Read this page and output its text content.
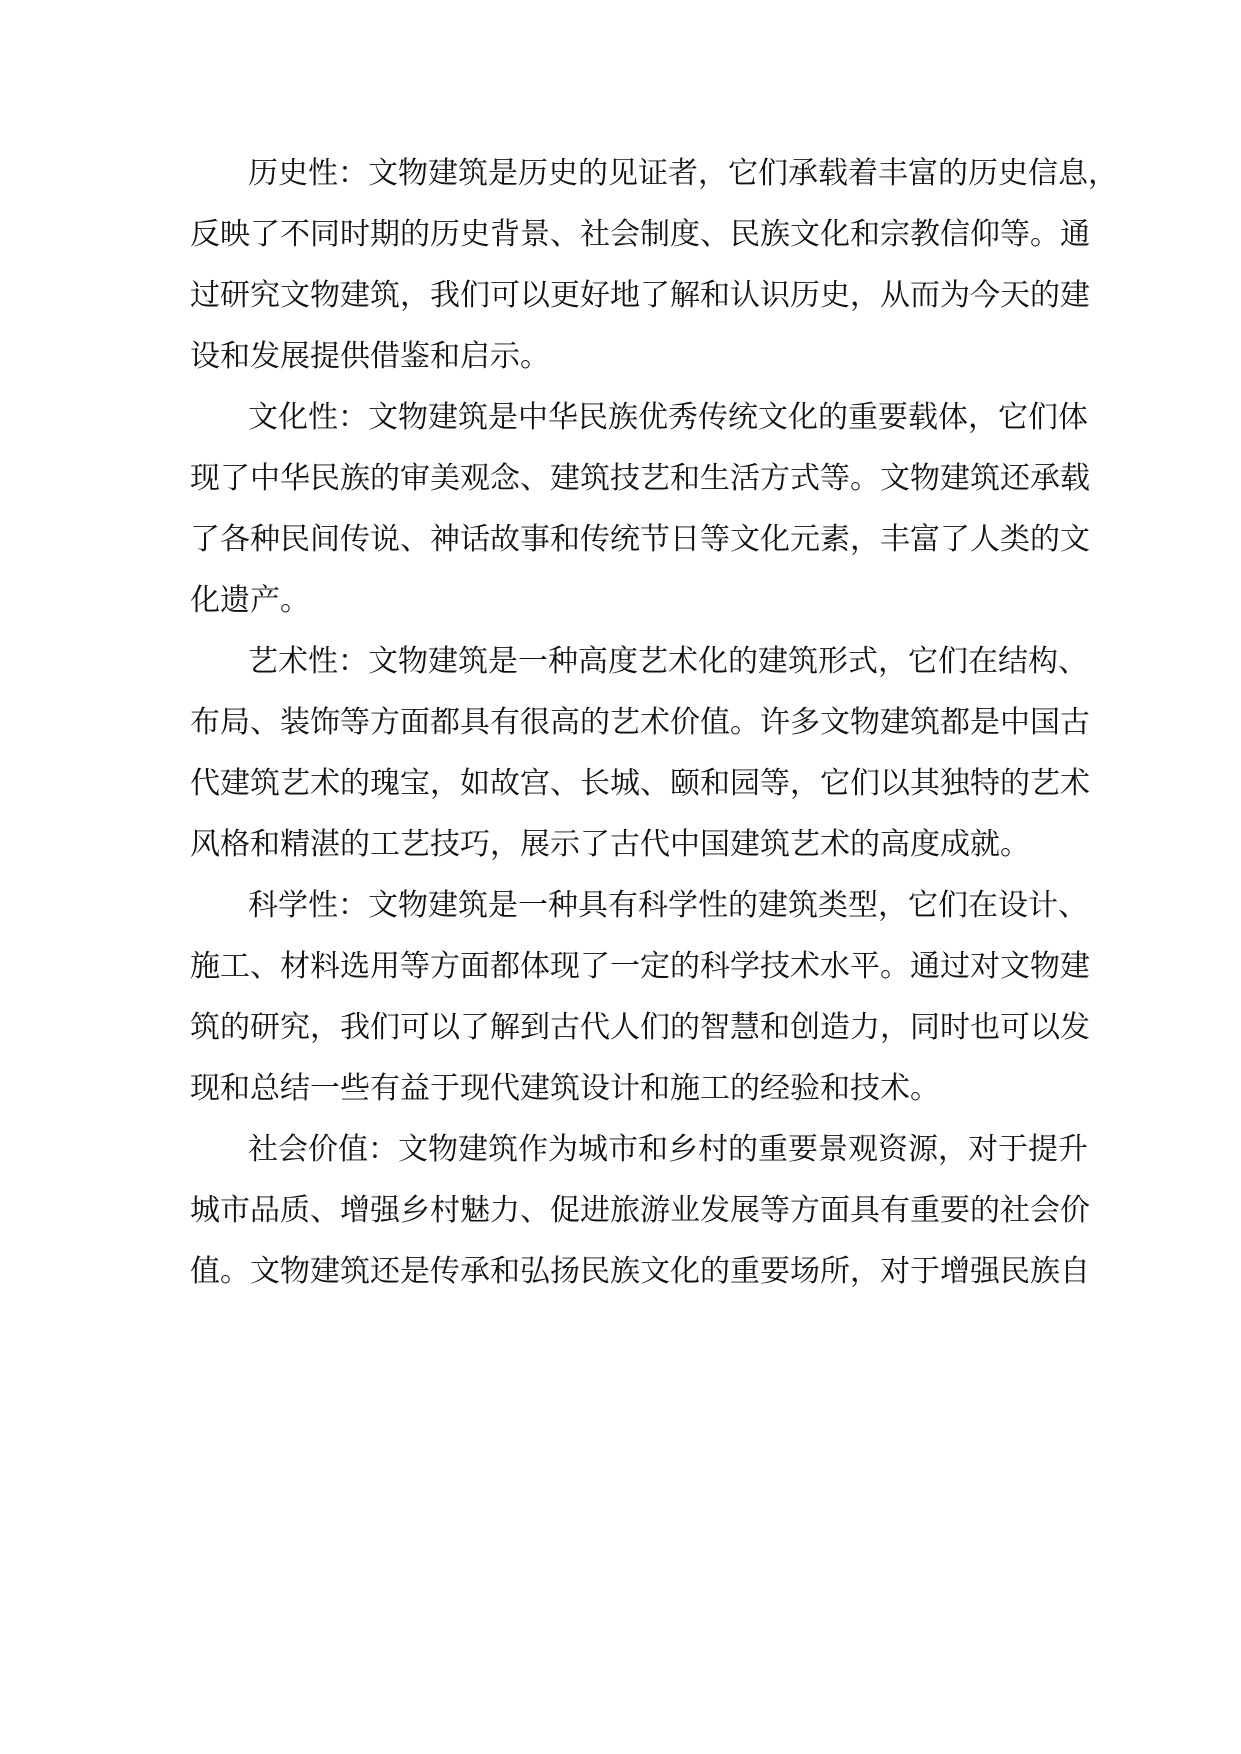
历史性：文物建筑是历史的见证者，它们承载着丰富的历史信息，
反映了不同时期的历史背景、社会制度、民族文化和宗教信仰等。通
过研究文物建筑，我们可以更好地了解和认识历史，从而为今天的建
设和发展提供借鉴和启示。

文化性：文物建筑是中华民族优秀传统文化的重要载体，它们体
现了中华民族的审美观念、建筑技艺和生活方式等。文物建筑还承载
了各种民间传说、神话故事和传统节日等文化元素，丰富了人类的文
化遗产。

艺术性：文物建筑是一种高度艺术化的建筑形式，它们在结构、
布局、装饰等方面都具有很高的艺术价值。许多文物建筑都是中国古
代建筑艺术的瑰宝，如故宫、长城、颐和园等，它们以其独特的艺术
风格和精湛的工艺技巧，展示了古代中国建筑艺术的高度成就。

科学性：文物建筑是一种具有科学性的建筑类型，它们在设计、
施工、材料选用等方面都体现了一定的科学技术水平。通过对文物建
筑的研究，我们可以了解到古代人们的智慧和创造力，同时也可以发
现和总结一些有益于现代建筑设计和施工的经验和技术。

社会价值：文物建筑作为城市和乡村的重要景观资源，对于提升
城市品质、增强乡村魅力、促进旅游业发展等方面具有重要的社会价
值。文物建筑还是传承和弘扬民族文化的重要场所，对于增强民族自
